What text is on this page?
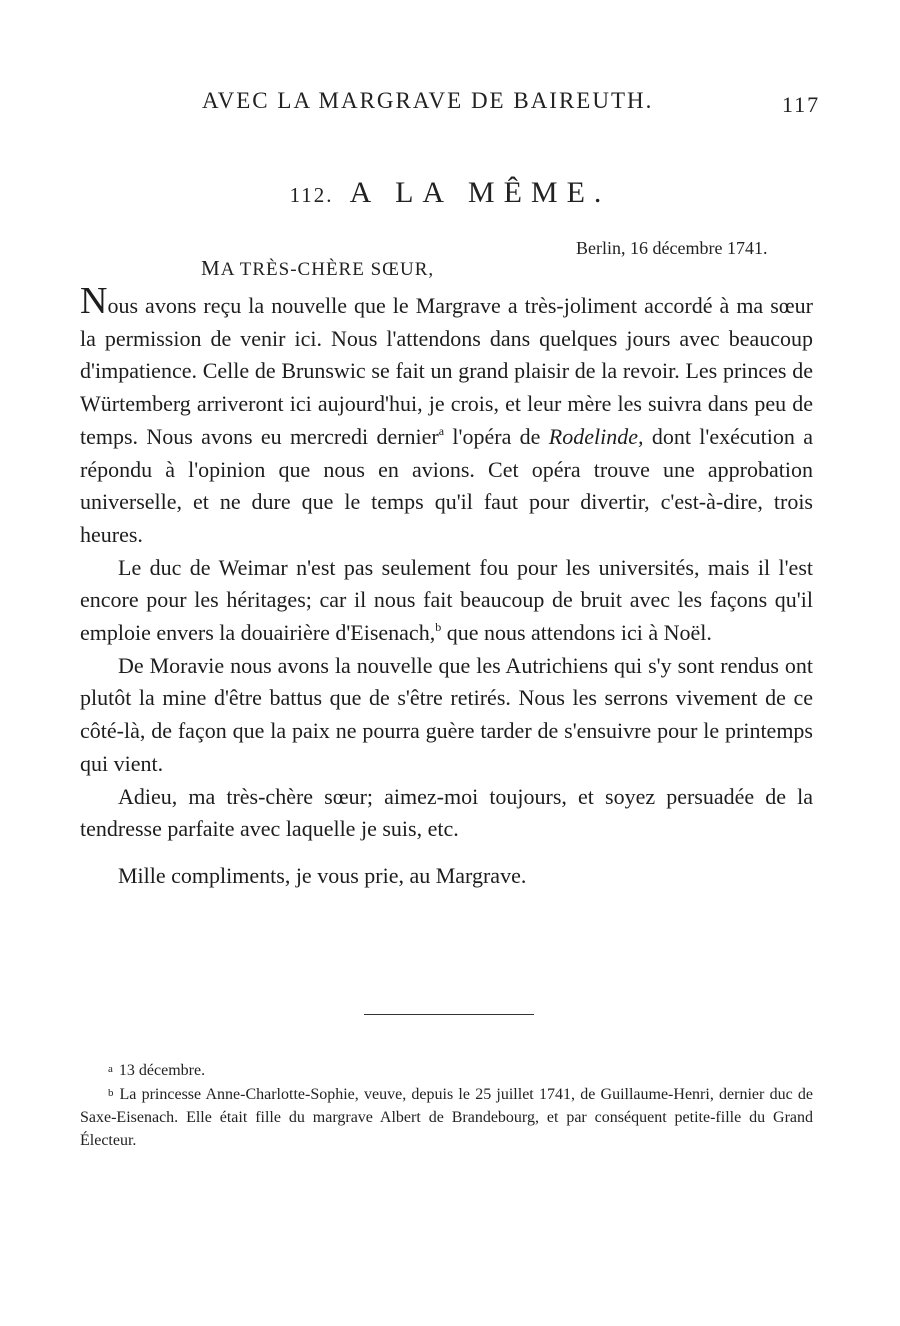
AVEC LA MARGRAVE DE BAIREUTH.	117
112. A LA MÊME.
Berlin, 16 décembre 1741.
MA TRÈS-CHÈRE SŒUR,

Nous avons reçu la nouvelle que le Margrave a très-joliment accordé à ma sœur la permission de venir ici. Nous l'attendons dans quelques jours avec beaucoup d'impatience. Celle de Brunswic se fait un grand plaisir de la revoir. Les princes de Würtemberg arriveront ici aujourd'hui, je crois, et leur mère les suivra dans peu de temps. Nous avons eu mercredi dernier$^a$ l'opéra de Rodelinde, dont l'exécution a répondu à l'opinion que nous en avions. Cet opéra trouve une approbation universelle, et ne dure que le temps qu'il faut pour divertir, c'est-à-dire, trois heures.

Le duc de Weimar n'est pas seulement fou pour les universités, mais il l'est encore pour les héritages; car il nous fait beaucoup de bruit avec les façons qu'il emploie envers la douairière d'Eisenach,$^b$ que nous attendons ici à Noël.

De Moravie nous avons la nouvelle que les Autrichiens qui s'y sont rendus ont plutôt la mine d'être battus que de s'être retirés. Nous les serrons vivement de ce côté-là, de façon que la paix ne pourra guère tarder de s'ensuivre pour le printemps qui vient.

Adieu, ma très-chère sœur; aimez-moi toujours, et soyez persuadée de la tendresse parfaite avec laquelle je suis, etc.

Mille compliments, je vous prie, au Margrave.

a 13 décembre.

b La princesse Anne-Charlotte-Sophie, veuve, depuis le 25 juillet 1741, de Guillaume-Henri, dernier duc de Saxe-Eisenach. Elle était fille du margrave Albert de Brandebourg, et par conséquent petite-fille du Grand Électeur.
